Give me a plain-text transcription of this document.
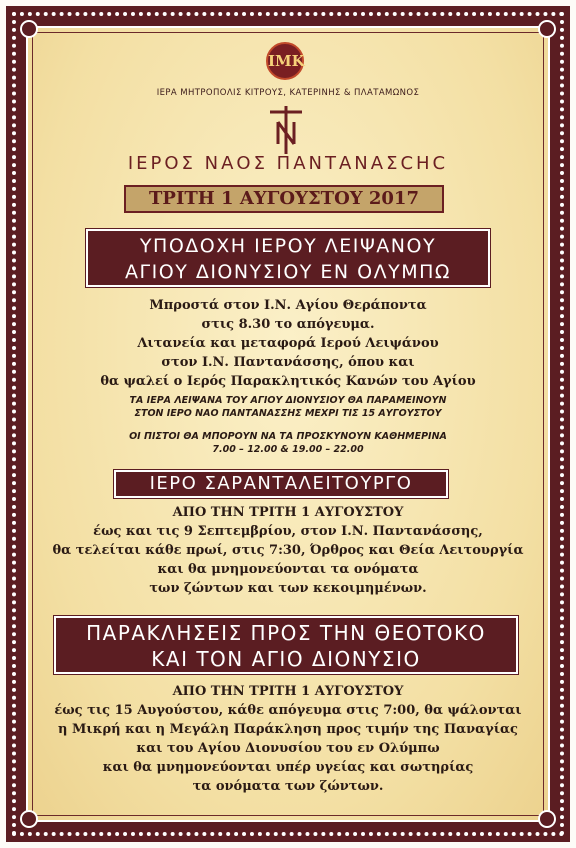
ΙΜΚ
ΙΕΡΑ ΜΗΤΡΟΠΟΛΙΣ ΚΙΤΡΟΥΣ, ΚΑΤΕΡΙΝΗΣ & ΠΛΑΤΑΜΩΝΟΣ
ΙΕΡΟΣ ΝΑΟΣ ΠΑΝΤΑΝΑΣCΗC
ΤΡΙΤΗ 1 ΑΥΓΟΥΣΤΟΥ 2017
ΥΠΟΔΟΧΗ ΙΕΡΟΥ ΛΕΙΨΑΝΟΥ
ΑΓΙΟΥ ΔΙΟΝΥΣΙΟΥ ΕΝ ΟΛΥΜΠΩ
Μπροστά στον Ι.Ν. Αγίου Θεράποντα
στις 8.30 το απόγευμα.
Λιτανεία και μεταφορά Ιερού Λειψάνου
στον Ι.Ν. Παντανάσσης, όπου και
θα ψαλεί ο Ιερός Παρακλητικός Κανών του Αγίου
ΤΑ ΙΕΡΑ ΛΕΙΨΑΝΑ ΤΟΥ ΑΓΙΟΥ ΔΙΟΝΥΣΙΟΥ ΘΑ ΠΑΡΑΜΕΙΝΟΥΝ
ΣΤΟΝ ΙΕΡΟ ΝΑΟ ΠΑΝΤΑΝΑΣΣΗΣ ΜΕΧΡΙ ΤΙΣ 15 ΑΥΓΟΥΣΤΟΥ
ΟΙ ΠΙΣΤΟΙ ΘΑ ΜΠΟΡΟΥΝ ΝΑ ΤΑ ΠΡΟΣΚΥΝΟΥΝ ΚΑΘΗΜΕΡΙΝΑ
7.00 – 12.00 & 19.00 – 22.00
ΙΕΡΟ ΣΑΡΑΝΤΑΛΕΙΤΟΥΡΓΟ
ΑΠΟ ΤΗΝ ΤΡΙΤΗ 1 ΑΥΓΟΥΣΤΟΥ
έως και τις 9 Σεπτεμβρίου, στον Ι.Ν. Παντανάσσης,
θα τελείται κάθε πρωί, στις 7:30, Όρθρος και Θεία Λειτουργία
και θα μνημονεύονται τα ονόματα
των ζώντων και των κεκοιμημένων.
ΠΑΡΑΚΛΗΣΕΙΣ ΠΡΟΣ ΤΗΝ ΘΕΟΤΟΚΟ
ΚΑΙ ΤΟΝ ΑΓΙΟ ΔΙΟΝΥΣΙΟ
ΑΠΟ ΤΗΝ ΤΡΙΤΗ 1 ΑΥΓΟΥΣΤΟΥ
έως τις 15 Αυγούστου, κάθε απόγευμα στις 7:00, θα ψάλονται
η Μικρή και η Μεγάλη Παράκληση προς τιμήν της Παναγίας
και του Αγίου Διονυσίου του εν Ολύμπω
και θα μνημονεύονται υπέρ υγείας και σωτηρίας
τα ονόματα των ζώντων.
